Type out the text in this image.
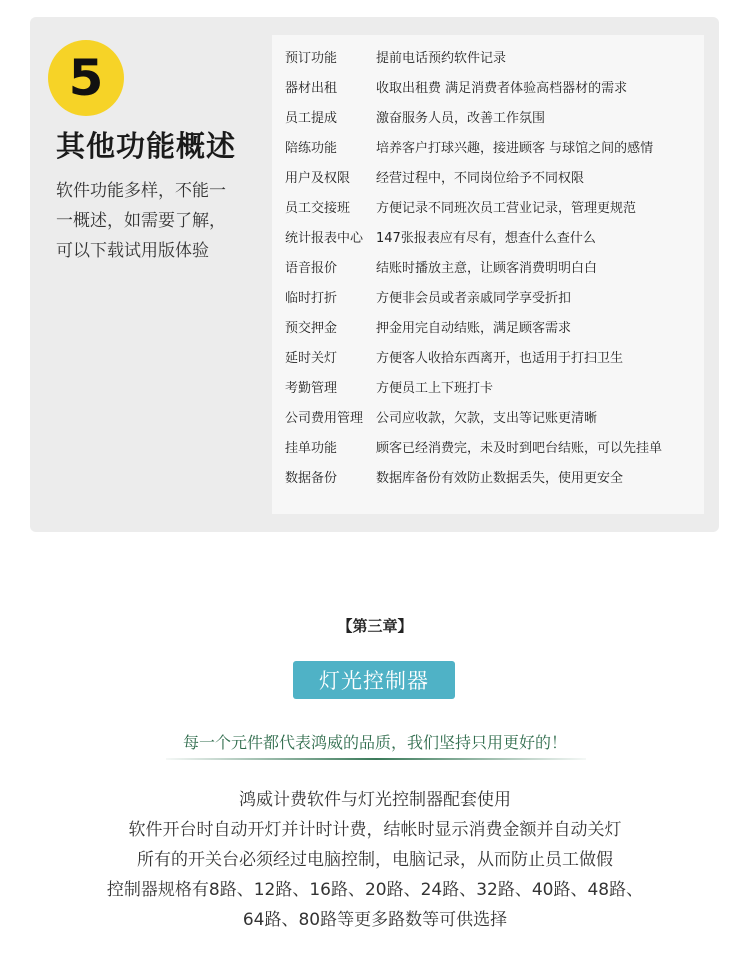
5
其他功能概述
软件功能多样，不能一
一概述，如需要了解，
可以下载试用版体验
预订功能	提前电话预约软件记录
器材出租	收取出租费 满足消费者体验高档器材的需求
员工提成	激奋服务人员，改善工作氛围
陪练功能	培养客户打球兴趣，接进顾客 与球馆之间的感情
用户及权限 经营过程中，不同岗位给予不同权限
员工交接班 方便记录不同班次员工营业记录，管理更规范
统计报表中心 147张报表应有尽有，想查什么查什么
语音报价	结账时播放主意，让顾客消费明明白白
临时打折	方便非会员或者亲戚同学享受折扣
预交押金	押金用完自动结账，满足顾客需求
延时关灯	方便客人收拾东西离开，也适用于打扫卫生
考勤管理	方便员工上下班打卡
公司费用管理 公司应收款，欠款，支出等记账更清晰
挂单功能	顾客已经消费完，未及时到吧台结账，可以先挂单
数据备份	数据库备份有效防止数据丢失，使用更安全
【第三章】
灯光控制器
每一个元件都代表鸿威的品质，我们坚持只用更好的！
鸿威计费软件与灯光控制器配套使用
软件开台时自动开灯并计时计费，结帐时显示消费金额并自动关灯
所有的开关台必须经过电脑控制，电脑记录，从而防止员工做假
控制器规格有8路、12路、16路、20路、24路、32路、40路、48路、
64路、80路等更多路数等可供选择
